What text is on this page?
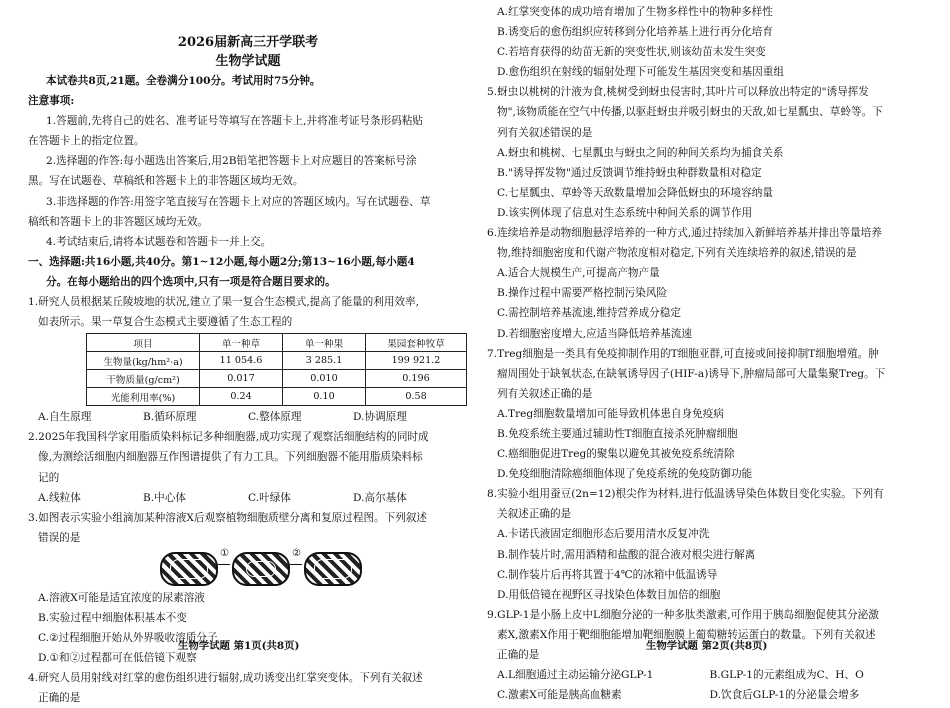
2026届新高三开学联考
生物学试题
本试卷共8页,21题。全卷满分100分。考试用时75分钟。
注意事项:
1.答题前,先将自己的姓名、准考证号等填写在答题卡上,并将准考证号条形码粘贴
在答题卡上的指定位置。
2.选择题的作答:每小题选出答案后,用2B铅笔把答题卡上对应题目的答案标号涂
黑。写在试题卷、草稿纸和答题卡上的非答题区域均无效。
3.非选择题的作答:用签字笔直接写在答题卡上对应的答题区域内。写在试题卷、草
稿纸和答题卡上的非答题区域均无效。
4.考试结束后,请将本试题卷和答题卡一并上交。
一、选择题:共16小题,共40分。第1~12小题,每小题2分;第13~16小题,每小题4
分。在每小题给出的四个选项中,只有一项是符合题目要求的。
1.研究人员根据某丘陵坡地的状况,建立了果一复合生态模式,提高了能量的利用效率,
如表所示。果一草复合生态模式主要遵循了生态工程的
项目	单一种草	单一种果	果园套种牧草
生物量(kg/hm²·a)	11 054.6	3 285.1	199 921.2
干物质量(g/cm²)	0.017	0.010	0.196
光能利用率(%)	0.24	0.10	0.58
A.自生原理	B.循环原理	C.整体原理	D.协调原理
2.2025年我国科学家用脂质染料标记多种细胞器,成功实现了观察活细胞结构的同时成
像,为测绘活细胞内细胞器互作图谱提供了有力工具。下列细胞器不能用脂质染料标
记的
A.线粒体	B.中心体	C.叶绿体	D.高尔基体
3.如图表示实验小组滴加某种溶液X后观察植物细胞质壁分离和复原过程图。下列叙述
错误的是
①	②
A.溶液X可能是适宜浓度的尿素溶液
B.实验过程中细胞体积基本不变
C.②过程细胞开始从外界吸收溶质分子
D.①和②过程都可在低倍镜下观察
4.研究人员用射线对红掌的愈伤组织进行辐射,成功诱变出红掌突变体。下列有关叙述
正确的是
A.红掌突变体的成功培育增加了生物多样性中的物种多样性
B.诱变后的愈伤组织应转移到分化培养基上进行再分化培育
C.若培育获得的幼苗无新的突变性状,则该幼苗未发生突变
D.愈伤组织在射线的辐射处理下可能发生基因突变和基因重组
5.蚜虫以桃树的汁液为食,桃树受到蚜虫侵害时,其叶片可以释放出特定的"诱导挥发
物",该物质能在空气中传播,以驱赶蚜虫并吸引蚜虫的天敌,如七星瓢虫、草蛉等。下
列有关叙述错误的是
A.蚜虫和桃树、七星瓢虫与蚜虫之间的种间关系均为捕食关系
B."诱导挥发物"通过反馈调节维持蚜虫种群数量相对稳定
C.七星瓢虫、草蛉等天敌数量增加会降低蚜虫的环境容纳量
D.该实例体现了信息对生态系统中种间关系的调节作用
6.连续培养是动物细胞悬浮培养的一种方式,通过持续加入新鲜培养基并排出等量培养
物,维持细胞密度和代谢产物浓度相对稳定,下列有关连续培养的叙述,错误的是
A.适合大规模生产,可提高产物产量
B.操作过程中需要严格控制污染风险
C.需控制培养基流速,维持营养成分稳定
D.若细胞密度增大,应适当降低培养基流速
7.Treg细胞是一类具有免疫抑制作用的T细胞亚群,可直接或间接抑制T细胞增殖。肿
瘤周围处于缺氧状态,在缺氧诱导因子(HIF-a)诱导下,肿瘤局部可大量集聚Treg。下
列有关叙述正确的是
A.Treg细胞数量增加可能导致机体患自身免疫病
B.免疫系统主要通过辅助性T细胞直接杀死肿瘤细胞
C.癌细胞促进Treg的聚集以避免其被免疫系统清除
D.免疫细胞清除癌细胞体现了免疫系统的免疫防御功能
8.实验小组用蚕豆(2n=12)根尖作为材料,进行低温诱导染色体数目变化实验。下列有
关叙述正确的是
A.卡诺氏液固定细胞形态后要用清水反复冲洗
B.制作装片时,需用酒精和盐酸的混合液对根尖进行解离
C.制作装片后再将其置于4℃的冰箱中低温诱导
D.用低倍镜在视野区寻找染色体数目加倍的细胞
9.GLP-1是小肠上皮中L细胞分泌的一种多肽类激素,可作用于胰岛细胞促使其分泌激
素X,激素X作用于靶细胞能增加靶细胞膜上葡萄糖转运蛋白的数量。下列有关叙述
正确的是
A.L细胞通过主动运输分泌GLP-1	B.GLP-1的元素组成为C、H、O
C.激素X可能是胰高血糖素	D.饮食后GLP-1的分泌量会增多
生物学试题 第1页(共8页)	生物学试题 第2页(共8页)
